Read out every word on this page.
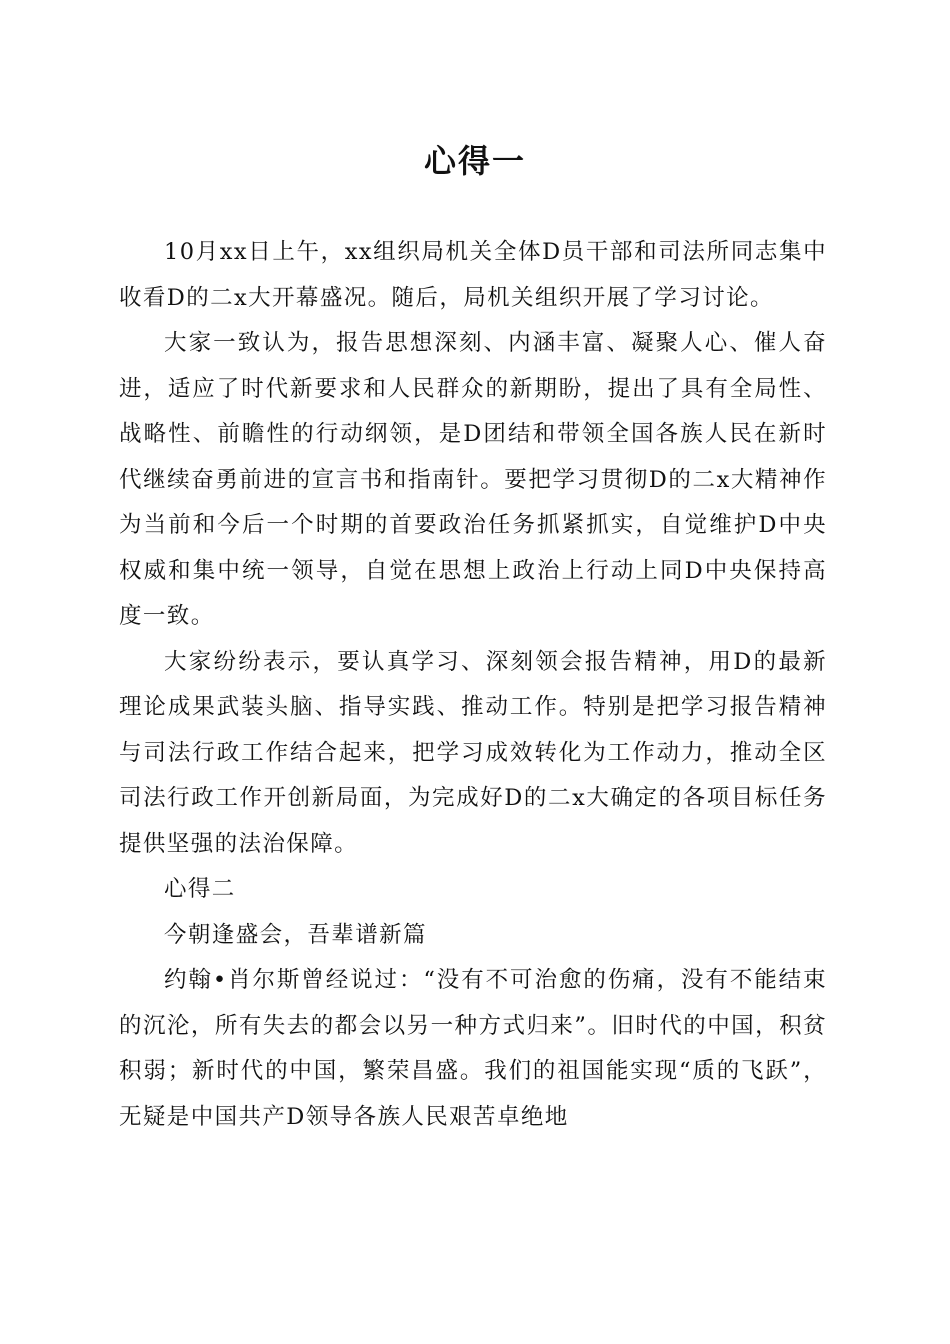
心得一

10月xx日上午，xx组织局机关全体D员干部和司法所同志集中收看D的二x大开幕盛况。随后，局机关组织开展了学习讨论。

大家一致认为，报告思想深刻、内涵丰富、凝聚人心、催人奋进，适应了时代新要求和人民群众的新期盼，提出了具有全局性、战略性、前瞻性的行动纲领，是D团结和带领全国各族人民在新时代继续奋勇前进的宣言书和指南针。要把学习贯彻D的二x大精神作为当前和今后一个时期的首要政治任务抓紧抓实，自觉维护D中央权威和集中统一领导，自觉在思想上政治上行动上同D中央保持高度一致。

大家纷纷表示，要认真学习、深刻领会报告精神，用D的最新理论成果武装头脑、指导实践、推动工作。特别是把学习报告精神与司法行政工作结合起来，把学习成效转化为工作动力，推动全区司法行政工作开创新局面，为完成好D的二x大确定的各项目标任务提供坚强的法治保障。

心得二

今朝逢盛会，吾辈谱新篇

约翰•肖尔斯曾经说过：“没有不可治愈的伤痛，没有不能结束的沉沦，所有失去的都会以另一种方式归来”。旧时代的中国，积贫积弱；新时代的中国，繁荣昌盛。我们的祖国能实现“质的飞跃”，无疑是中国共产D领导各族人民艰苦卓绝地
